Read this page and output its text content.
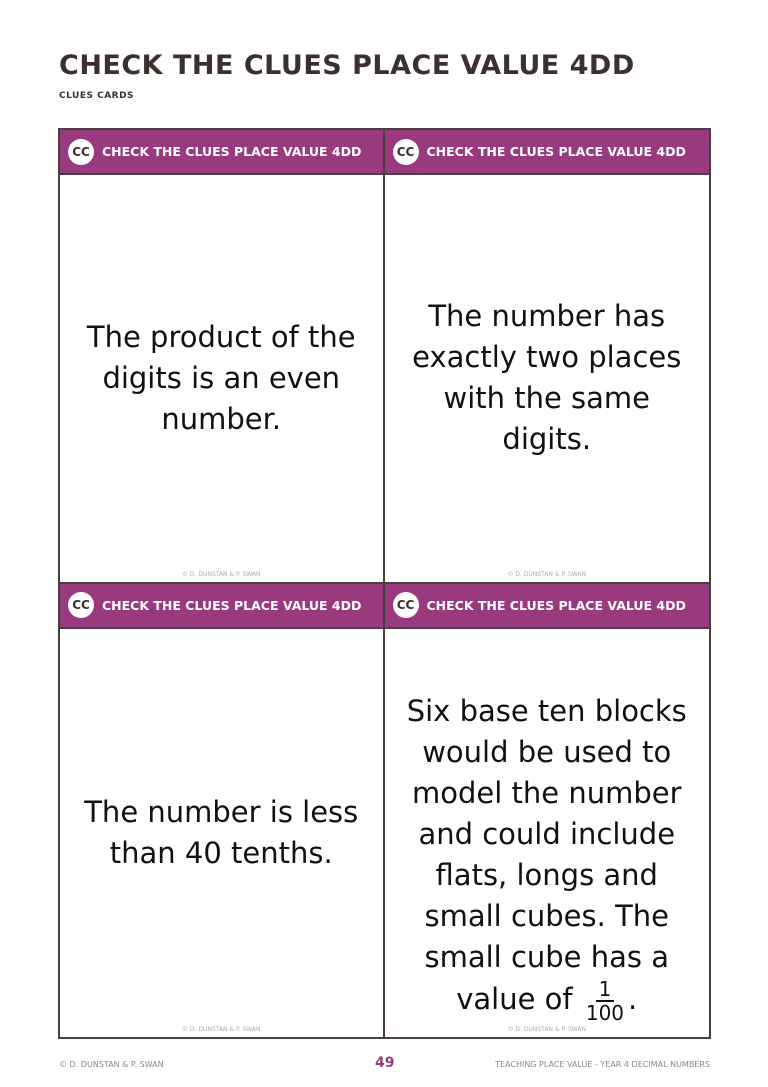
CHECK THE CLUES PLACE VALUE 4DD
CLUES CARDS
CC CHECK THE CLUES PLACE VALUE 4DD
The product of the digits is an even number.
© D. DUNSTAN & P. SWAN
CC CHECK THE CLUES PLACE VALUE 4DD
The number has exactly two places with the same digits.
© D. DUNSTAN & P. SWAN
CC CHECK THE CLUES PLACE VALUE 4DD
The number is less than 40 tenths.
© D. DUNSTAN & P. SWAN
CC CHECK THE CLUES PLACE VALUE 4DD
Six base ten blocks would be used to model the number and could include flats, longs and small cubes. The small cube has a value of $\frac{1}{100}$ .
© D. DUNSTAN & P. SWAN
© D. DUNSTAN & P. SWAN	49	TEACHING PLACE VALUE - YEAR 4 DECIMAL NUMBERS
